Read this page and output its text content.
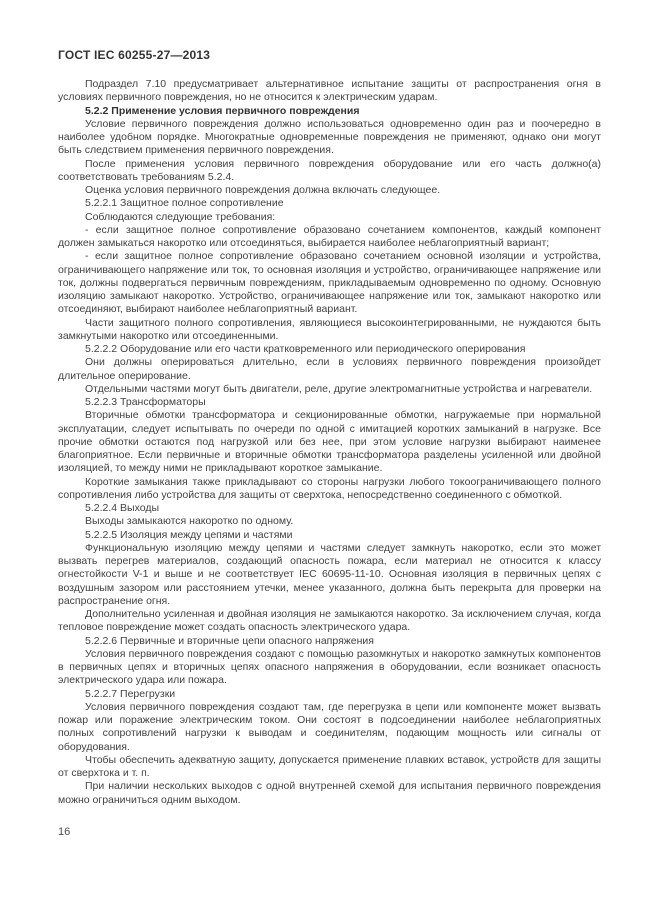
ГОСТ IEC 60255-27—2013

Подраздел 7.10 предусматривает альтернативное испытание защиты от распространения огня в условиях первичного повреждения, но не относится к электрическим ударам.

5.2.2 Применение условия первичного повреждения

Условие первичного повреждения должно использоваться одновременно один раз и поочередно в наиболее удобном порядке. Многократные одновременные повреждения не применяют, однако они могут быть следствием применения первичного повреждения.

После применения условия первичного повреждения оборудование или его часть должно(а) соответствовать требованиям 5.2.4.

Оценка условия первичного повреждения должна включать следующее.

5.2.2.1 Защитное полное сопротивление

Соблюдаются следующие требования:

- если защитное полное сопротивление образовано сочетанием компонентов, каждый компонент должен замыкаться накоротко или отсоединяться, выбирается наиболее неблагоприятный вариант;

- если защитное полное сопротивление образовано сочетанием основной изоляции и устройства, ограничивающего напряжение или ток, то основная изоляция и устройство, ограничивающее напряжение или ток, должны подвергаться первичным повреждениям, прикладываемым одновременно по одному. Основную изоляцию замыкают накоротко. Устройство, ограничивающее напряжение или ток, замыкают накоротко или отсоединяют, выбирают наиболее неблагоприятный вариант.

Части защитного полного сопротивления, являющиеся высокоинтегрированными, не нуждаются быть замкнутыми накоротко или отсоединенными.

5.2.2.2 Оборудование или его части кратковременного или периодического оперирования

Они должны оперироваться длительно, если в условиях первичного повреждения произойдет длительное оперирование.

Отдельными частями могут быть двигатели, реле, другие электромагнитные устройства и нагреватели.

5.2.2.3 Трансформаторы

Вторичные обмотки трансформатора и секционированные обмотки, нагружаемые при нормальной эксплуатации, следует испытывать по очереди по одной с имитацией коротких замыканий в нагрузке. Все прочие обмотки остаются под нагрузкой или без нее, при этом условие нагрузки выбирают наименее благоприятное. Если первичные и вторичные обмотки трансформатора разделены усиленной или двойной изоляцией, то между ними не прикладывают короткое замыкание.

Короткие замыкания также прикладывают со стороны нагрузки любого токоограничивающего полного сопротивления либо устройства для защиты от сверхтока, непосредственно соединенного с обмоткой.

5.2.2.4 Выходы

Выходы замыкаются накоротко по одному.

5.2.2.5 Изоляция между цепями и частями

Функциональную изоляцию между цепями и частями следует замкнуть накоротко, если это может вызвать перегрев материалов, создающий опасность пожара, если материал не относится к классу огнестойкости V-1 и выше и не соответствует IEC 60695-11-10. Основная изоляция в первичных цепях с воздушным зазором или расстоянием утечки, менее указанного, должна быть перекрыта для проверки на распространение огня.

Дополнительно усиленная и двойная изоляция не замыкаются накоротко. За исключением случая, когда тепловое повреждение может создать опасность электрического удара.

5.2.2.6 Первичные и вторичные цепи опасного напряжения

Условия первичного повреждения создают с помощью разомкнутых и накоротко замкнутых компонентов в первичных цепях и вторичных цепях опасного напряжения в оборудовании, если возникает опасность электрического удара или пожара.

5.2.2.7 Перегрузки

Условия первичного повреждения создают там, где перегрузка в цепи или компоненте может вызвать пожар или поражение электрическим током. Они состоят в подсоединении наиболее неблагоприятных полных сопротивлений нагрузки к выводам и соединителям, подающим мощность или сигналы от оборудования.

Чтобы обеспечить адекватную защиту, допускается применение плавких вставок, устройств для защиты от сверхтока и т. п.

При наличии нескольких выходов с одной внутренней схемой для испытания первичного повреждения можно ограничиться одним выходом.

16
